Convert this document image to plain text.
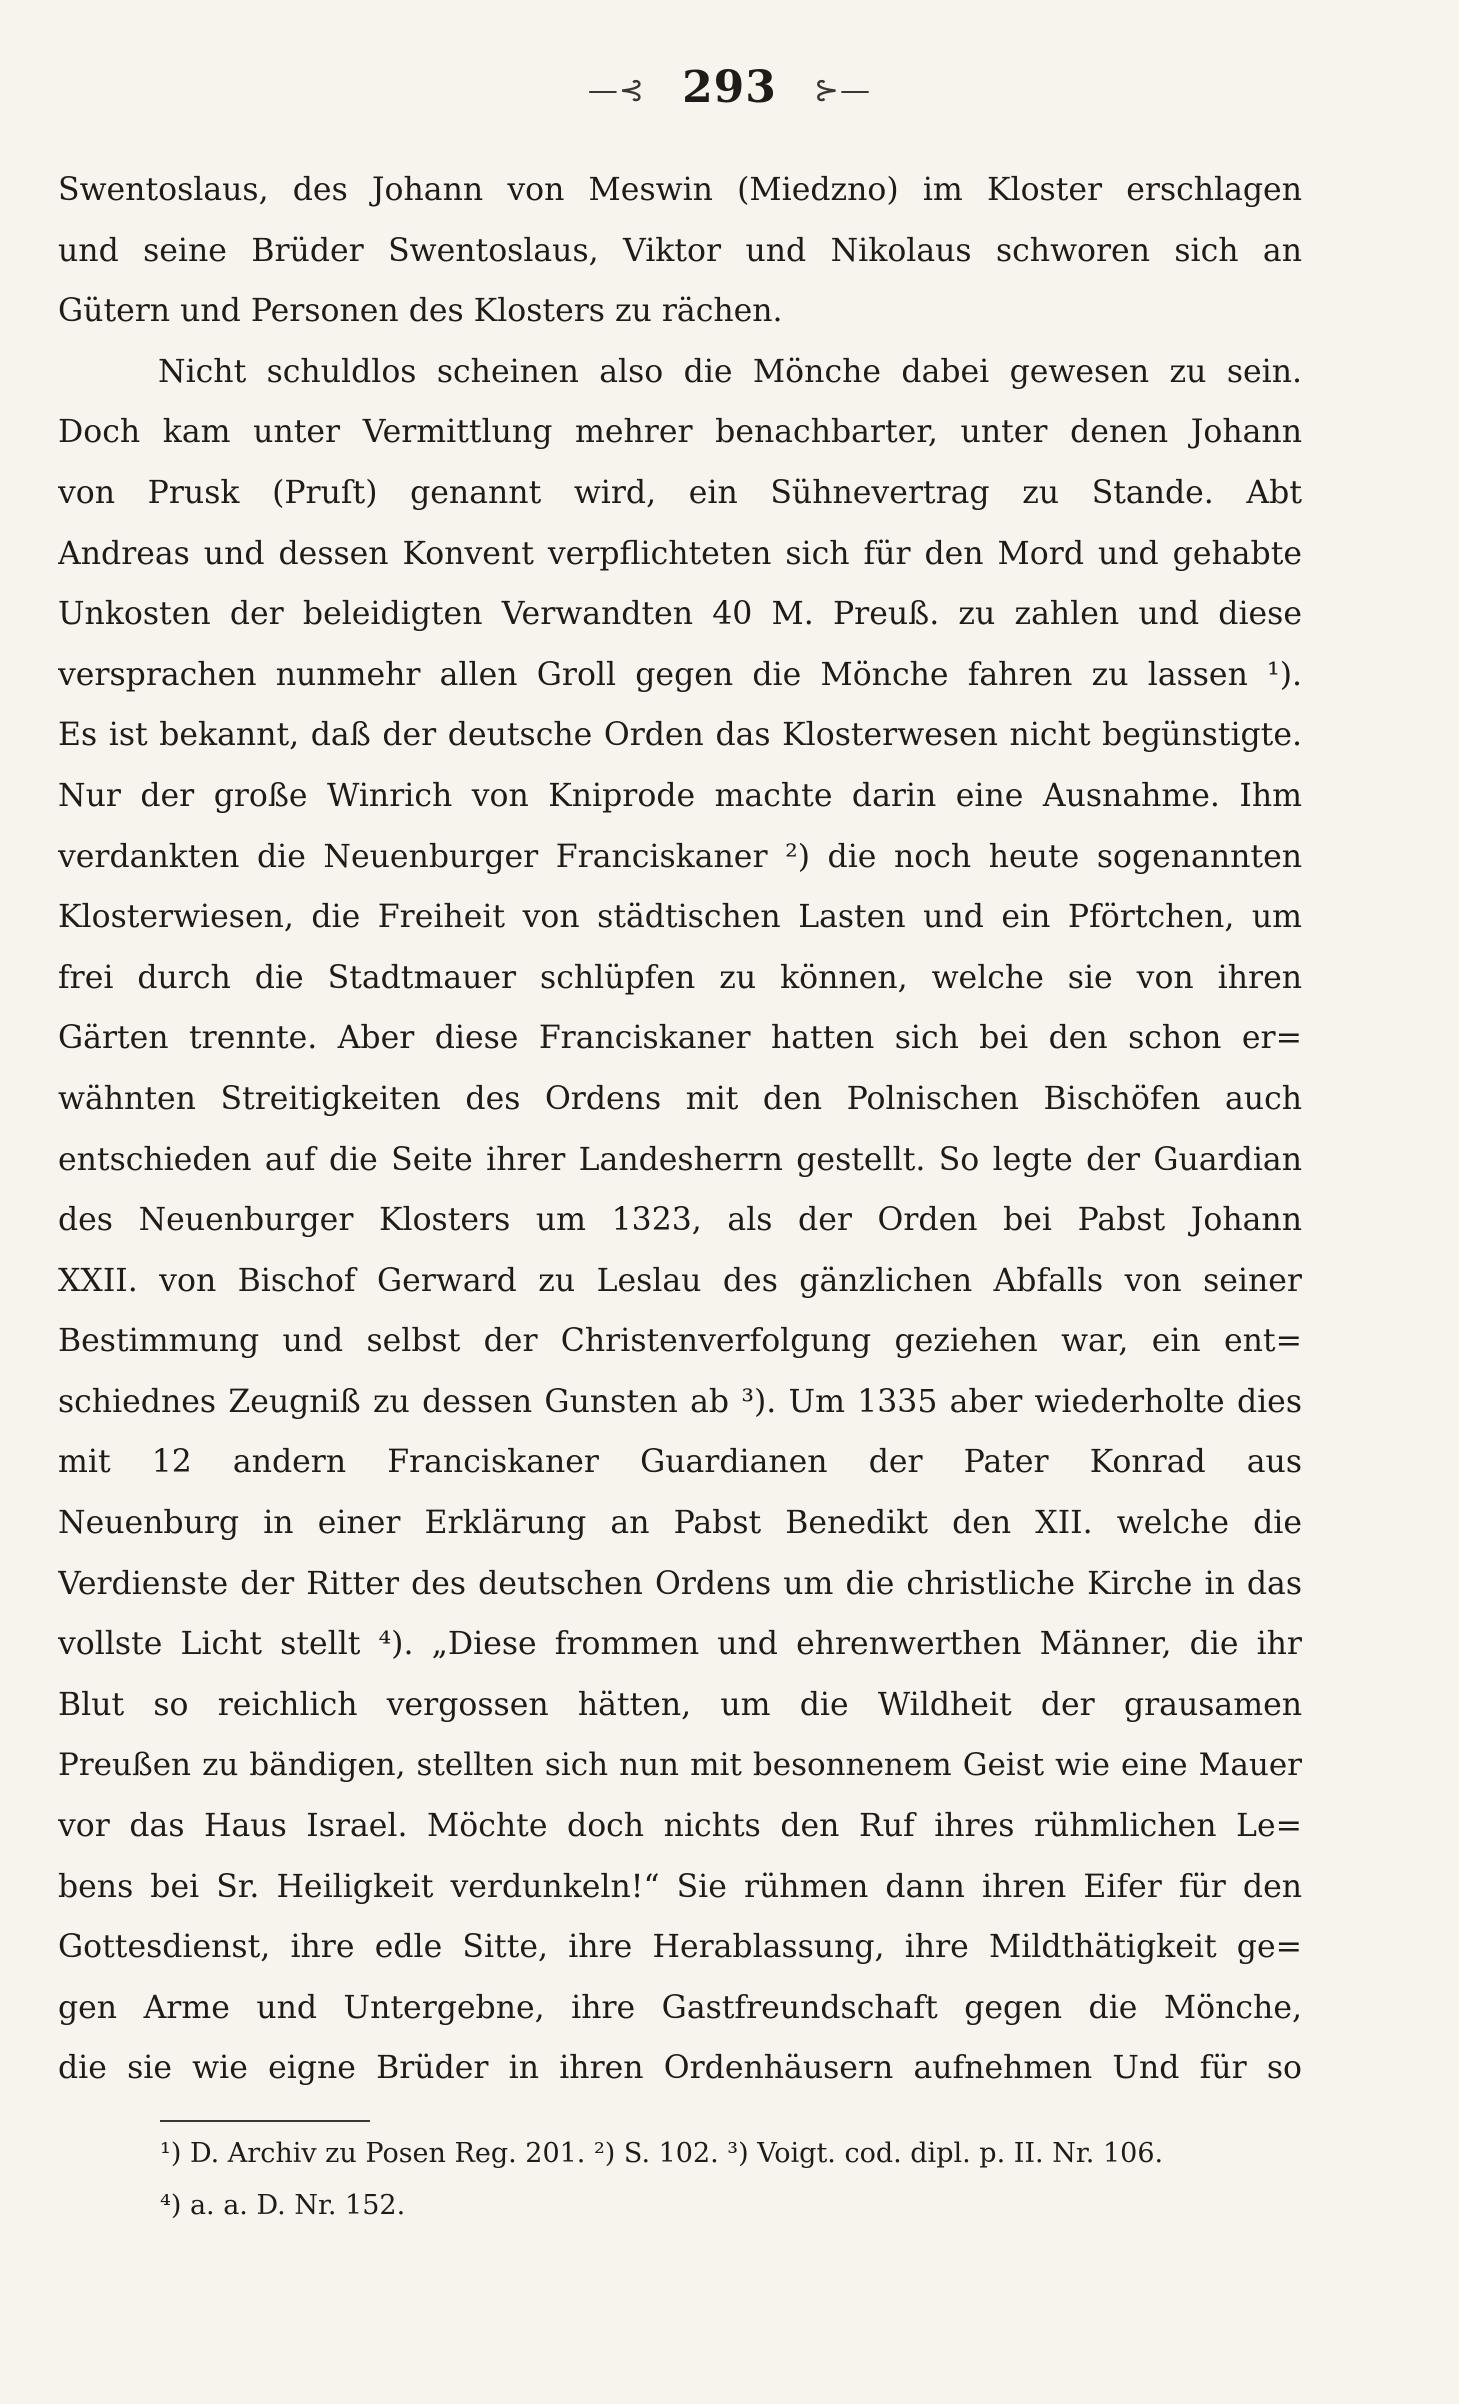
—⊰ 293 ⊱—
Swentoslaus, des Johann von Meswin (Miedzno) im Kloster erschlagen
und seine Brüder Swentoslaus, Viktor und Nikolaus schworen sich an
Gütern und Personen des Klosters zu rächen.
Nicht schuldlos scheinen also die Mönche dabei gewesen zu sein.
Doch kam unter Vermittlung mehrer benachbarter, unter denen Johann
von Prusk (Pruſt) genannt wird, ein Sühnevertrag zu Stande. Abt
Andreas und dessen Konvent verpflichteten sich für den Mord und gehabte
Unkosten der beleidigten Verwandten 40 M. Preuß. zu zahlen und diese
versprachen nunmehr allen Groll gegen die Mönche fahren zu lassen ¹).
Es ist bekannt, daß der deutsche Orden das Klosterwesen nicht begünstigte.
Nur der große Winrich von Kniprode machte darin eine Ausnahme. Ihm
verdankten die Neuenburger Franciskaner ²) die noch heute sogenannten
Klosterwiesen, die Freiheit von städtischen Lasten und ein Pförtchen, um
frei durch die Stadtmauer schlüpfen zu können, welche sie von ihren
Gärten trennte. Aber diese Franciskaner hatten sich bei den schon er=
wähnten Streitigkeiten des Ordens mit den Polnischen Bischöfen auch
entschieden auf die Seite ihrer Landesherrn gestellt. So legte der Guardian
des Neuenburger Klosters um 1323, als der Orden bei Pabst Johann
XXII. von Bischof Gerward zu Leslau des gänzlichen Abfalls von seiner
Bestimmung und selbst der Christenverfolgung geziehen war, ein ent=
schiednes Zeugniß zu dessen Gunsten ab ³). Um 1335 aber wiederholte dies
mit 12 andern Franciskaner Guardianen der Pater Konrad aus
Neuenburg in einer Erklärung an Pabst Benedikt den XII. welche die
Verdienste der Ritter des deutschen Ordens um die christliche Kirche in das
vollste Licht stellt ⁴). „Diese frommen und ehrenwerthen Männer, die ihr
Blut so reichlich vergossen hätten, um die Wildheit der grausamen
Preußen zu bändigen, stellten sich nun mit besonnenem Geist wie eine Mauer
vor das Haus Israel. Möchte doch nichts den Ruf ihres rühmlichen Le=
bens bei Sr. Heiligkeit verdunkeln!“ Sie rühmen dann ihren Eifer für den
Gottesdienst, ihre edle Sitte, ihre Herablassung, ihre Mildthätigkeit ge=
gen Arme und Untergebne, ihre Gastfreundschaft gegen die Mönche,
die sie wie eigne Brüder in ihren Ordenhäusern aufnehmen Und für so
¹) D. Archiv zu Posen Reg. 201. ²) S. 102. ³) Voigt. cod. dipl. p. II. Nr. 106.
⁴) a. a. D. Nr. 152.
